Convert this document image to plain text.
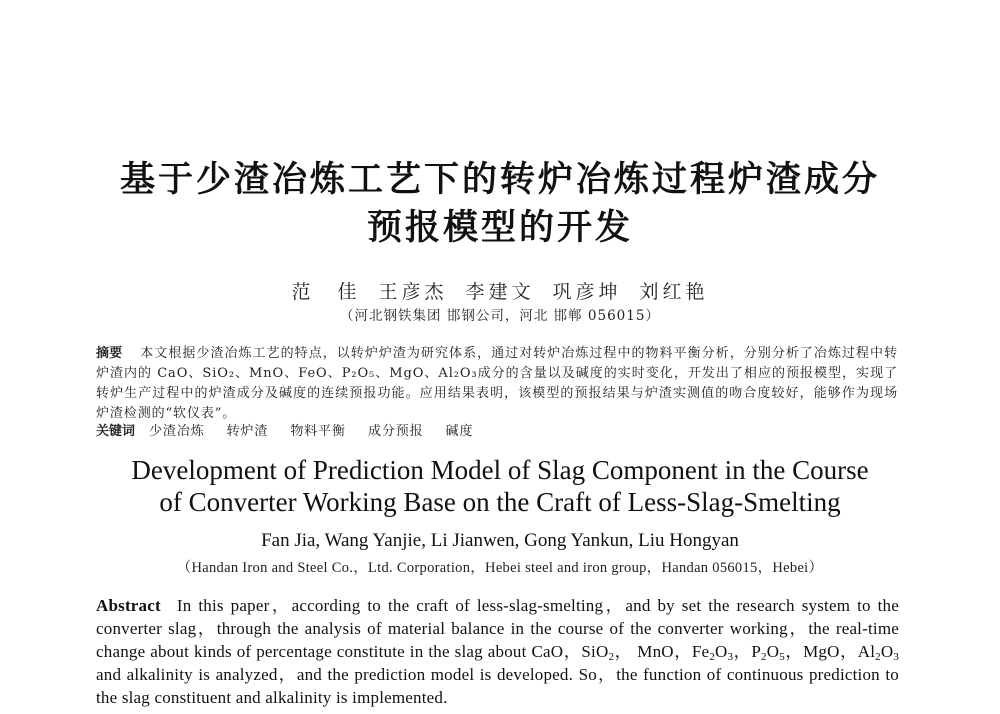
基于少渣冶炼工艺下的转炉冶炼过程炉渣成分
预报模型的开发
范　佳 王彦杰 李建文 巩彦坤 刘红艳
（河北钢铁集团 邯钢公司，河北 邯郸 056015）
摘要 本文根据少渣冶炼工艺的特点，以转炉炉渣为研究体系，通过对转炉冶炼过程中的物料平衡分析，分别分析了冶炼过程中转炉渣内的 CaO、SiO₂、MnO、FeO、P₂O₅、MgO、Al₂O₃成分的含量以及碱度的实时变化，开发出了相应的预报模型，实现了转炉生产过程中的炉渣成分及碱度的连续预报功能。应用结果表明，该模型的预报结果与炉渣实测值的吻合度较好，能够作为现场炉渣检测的“软仪表”。
关键词 少渣冶炼 转炉渣 物料平衡 成分预报 碱度
Development of Prediction Model of Slag Component in the Course
of Converter Working Base on the Craft of Less-Slag-Smelting
Fan Jia, Wang Yanjie, Li Jianwen, Gong Yankun, Liu Hongyan
（Handan Iron and Steel Co.，Ltd. Corporation，Hebei steel and iron group，Handan 056015，Hebei）
Abstract In this paper，according to the craft of less-slag-smelting，and by set the research system to the converter slag，through the analysis of material balance in the course of the converter working，the real-time change about kinds of percentage constitute in the slag about CaO，SiO$_2$， MnO，$Fe_2O_3$，$P_2O_5$，MgO，$Al_2O_3$ and alkalinity is analyzed，and the prediction model is developed. So，the function of continuous prediction to the slag constituent and alkalinity is implemented.
